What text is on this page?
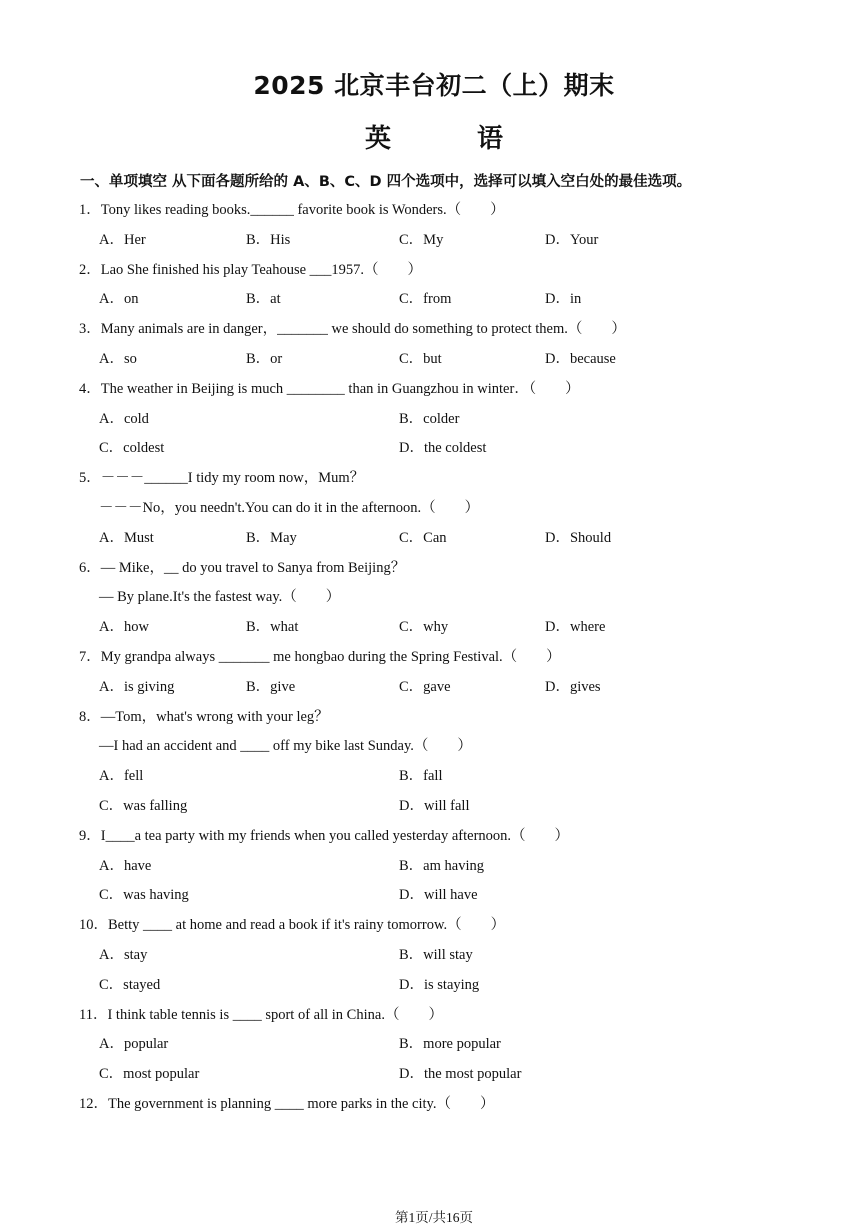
2025 北京丰台初二（上）期末
英　语
一、单项填空 从下面各题所给的 A、B、C、D 四个选项中，选择可以填入空白处的最佳选项。
1．Tony likes reading books.______ favorite book is Wonders.（　　）
A．Her	B．His	C．My	D．Your
2．Lao She finished his play Teahouse ___1957.（　　）
A．on	B．at	C．from	D．in
3．Many animals are in danger，_______ we should do something to protect them.（　　）
A．so	B．or	C．but	D．because
4．The weather in Beijing is much ________ than in Guangzhou in winter．（　　）
A．cold	B．colder
C．coldest	D．the coldest
5．－－－______I tidy my room now，Mum？
－－－No，you needn't.You can do it in the afternoon.（　　）
A．Must	B．May	C．Can	D．Should
6．— Mike，__ do you travel to Sanya from Beijing？
— By plane.It's the fastest way.（　　）
A．how	B．what	C．why	D．where
7．My grandpa always _______ me hongbao during the Spring Festival.（　　）
A．is giving	B．give	C．gave	D．gives
8．—Tom，what's wrong with your leg？
—I had an accident and ____ off my bike last Sunday.（　　）
A．fell	B．fall
C．was falling	D．will fall
9．I____a tea party with my friends when you called yesterday afternoon.（　　）
A．have	B．am having
C．was having	D．will have
10．Betty ____ at home and read a book if it's rainy tomorrow.（　　）
A．stay	B．will stay
C．stayed	D．is staying
11．I think table tennis is ____ sport of all in China.（　　）
A．popular	B．more popular
C．most popular	D．the most popular
12．The government is planning ____ more parks in the city.（　　）
第1页/共16页
